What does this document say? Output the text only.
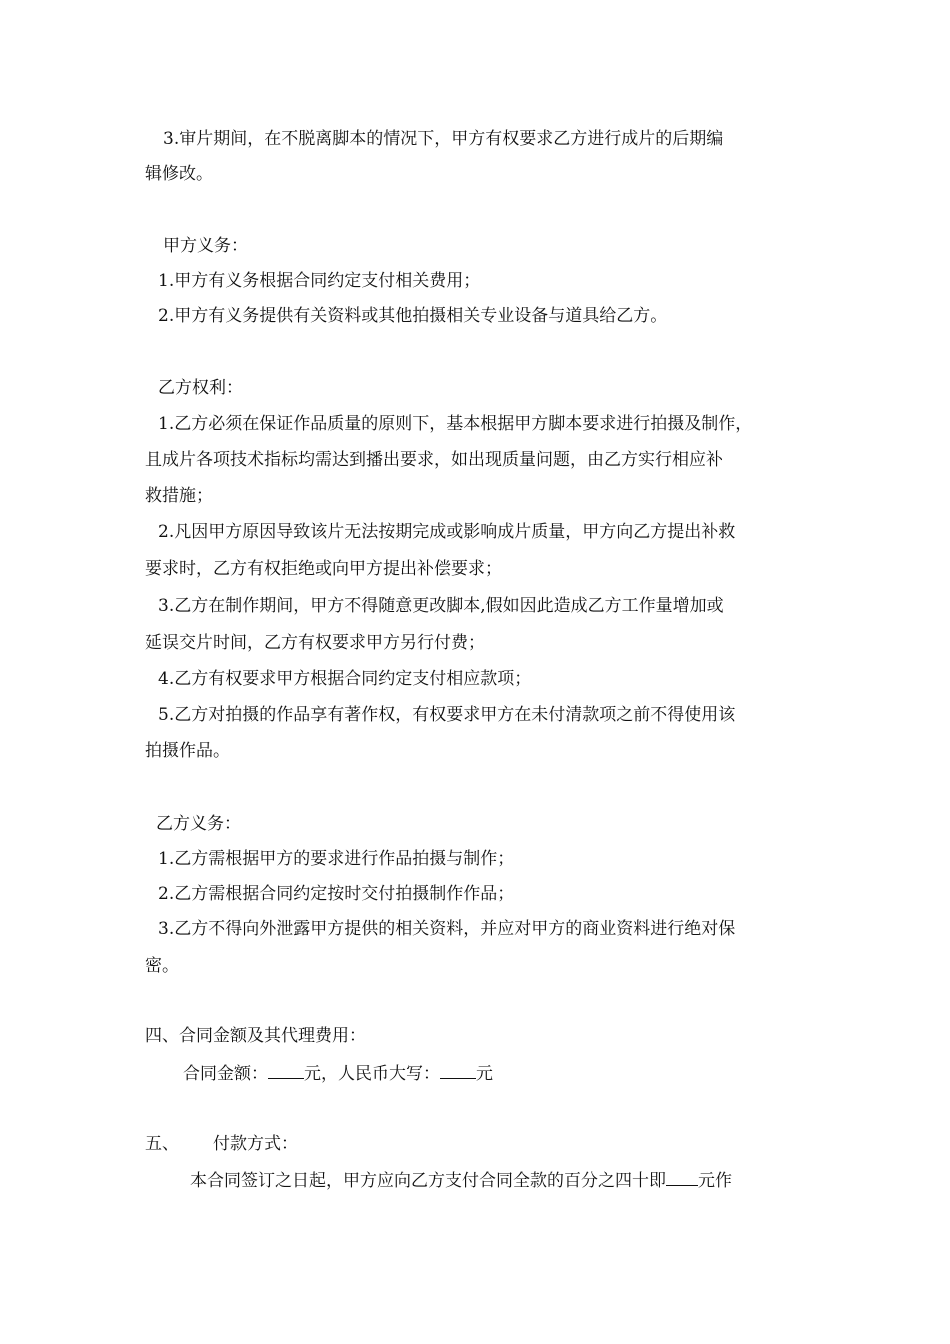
3.审片期间，在不脱离脚本的情况下，甲方有权要求乙方进行成片的后期编
辑修改。
甲方义务：
1.甲方有义务根据合同约定支付相关费用；
2.甲方有义务提供有关资料或其他拍摄相关专业设备与道具给乙方。
乙方权利：
1.乙方必须在保证作品质量的原则下，基本根据甲方脚本要求进行拍摄及制作，
且成片各项技术指标均需达到播出要求，如出现质量问题，由乙方实行相应补
救措施；
2.凡因甲方原因导致该片无法按期完成或影响成片质量，甲方向乙方提出补救
要求时，乙方有权拒绝或向甲方提出补偿要求；
3.乙方在制作期间，甲方不得随意更改脚本,假如因此造成乙方工作量增加或
延误交片时间，乙方有权要求甲方另行付费；
4.乙方有权要求甲方根据合同约定支付相应款项；
5.乙方对拍摄的作品享有著作权，有权要求甲方在未付清款项之前不得使用该
拍摄作品。
乙方义务：
1.乙方需根据甲方的要求进行作品拍摄与制作；
2.乙方需根据合同约定按时交付拍摄制作作品；
3.乙方不得向外泄露甲方提供的相关资料，并应对甲方的商业资料进行绝对保
密。
四、合同金额及其代理费用：
合同金额： 元，人民币大写： 元
五、 付款方式：
本合同签订之日起，甲方应向乙方支付合同全款的百分之四十即 元作
